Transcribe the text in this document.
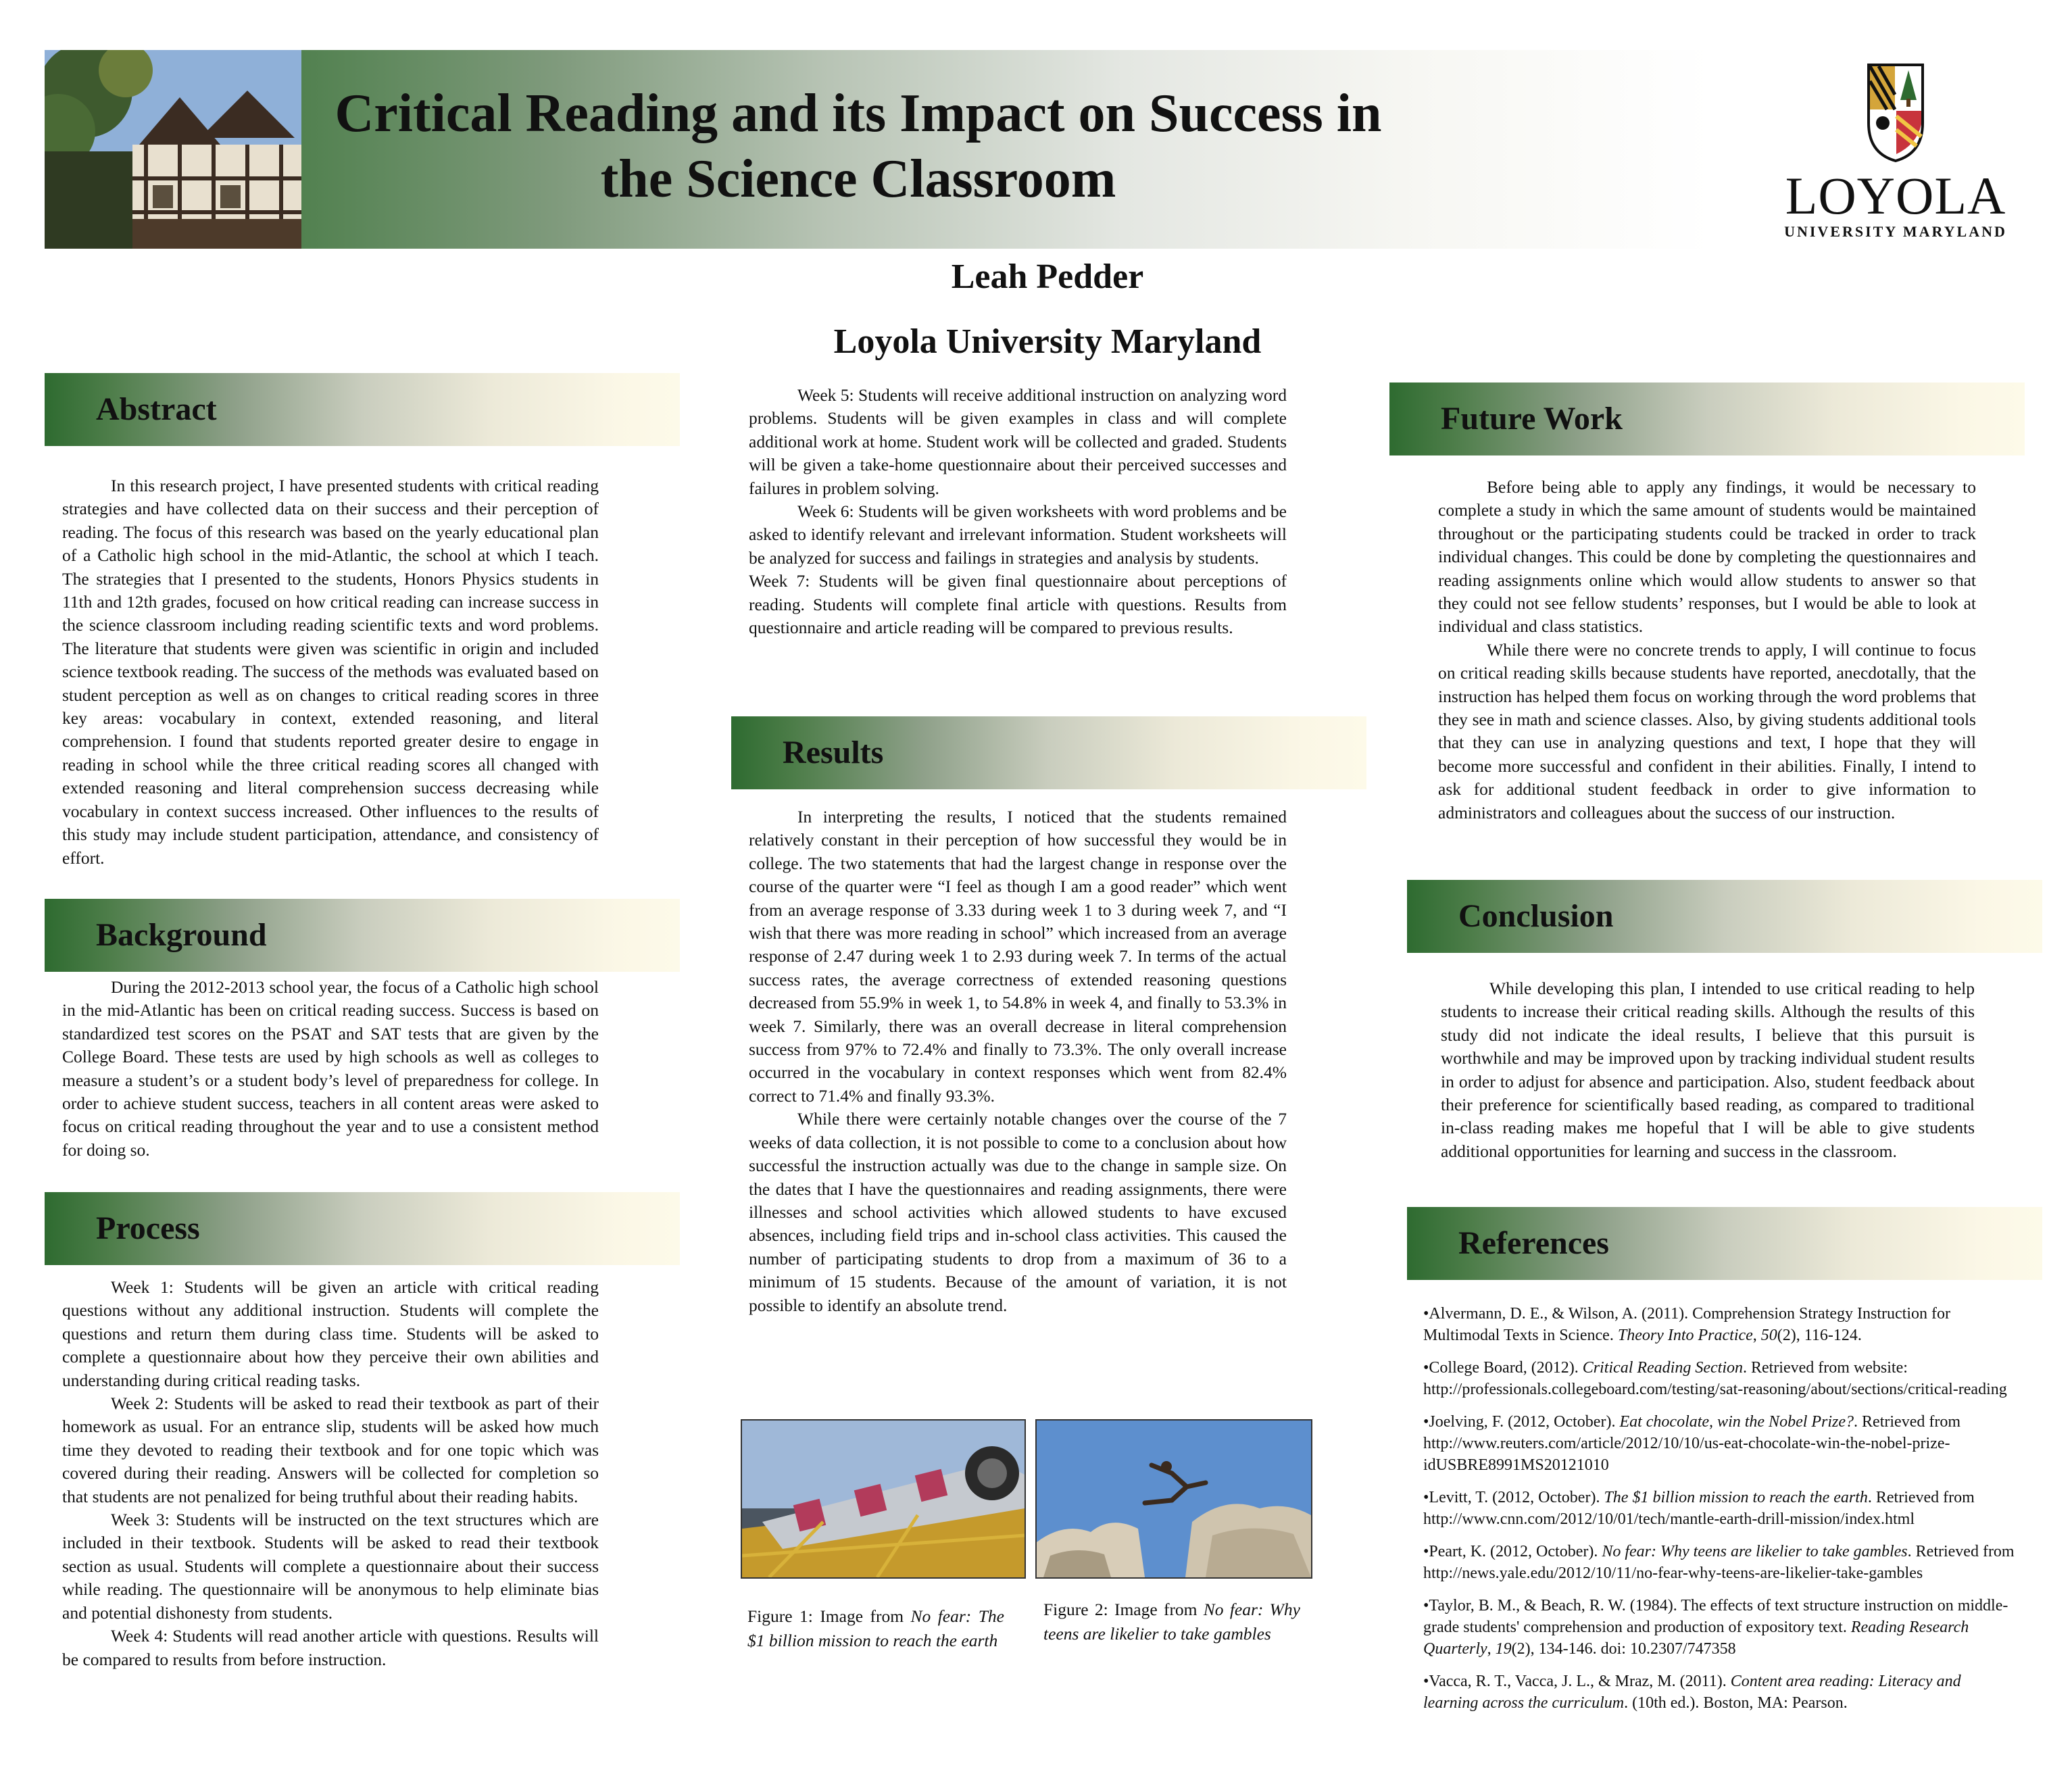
Critical Reading and its Impact on Success in the Science Classroom	LOYOLA
UNIVERSITY MARYLAND
Leah Pedder
Loyola University Maryland
Abstract

In this research project, I have presented students with critical reading strategies and have collected data on their success and their perception of reading. The focus of this research was based on the yearly educational plan of a Catholic high school in the mid-Atlantic, the school at which I teach. The strategies that I presented to the students, Honors Physics students in 11th and 12th grades, focused on how critical reading can increase success in the science classroom including reading scientific texts and word problems. The literature that students were given was scientific in origin and included science textbook reading. The success of the methods was evaluated based on student perception as well as on changes to critical reading scores in three key areas: vocabulary in context, extended reasoning, and literal comprehension. I found that students reported greater desire to engage in reading in school while the three critical reading scores all changed with extended reasoning and literal comprehension success decreasing while vocabulary in context success increased. Other influences to the results of this study may include student participation, attendance, and consistency of effort.

Background

During the 2012-2013 school year, the focus of a Catholic high school in the mid-Atlantic has been on critical reading success. Success is based on standardized test scores on the PSAT and SAT tests that are given by the College Board. These tests are used by high schools as well as colleges to measure a student’s or a student body’s level of preparedness for college. In order to achieve student success, teachers in all content areas were asked to focus on critical reading throughout the year and to use a consistent method for doing so.

Process

Week 1: Students will be given an article with critical reading questions without any additional instruction. Students will complete the questions and return them during class time. Students will be asked to complete a questionnaire about how they perceive their own abilities and understanding during critical reading tasks.

Week 2: Students will be asked to read their textbook as part of their homework as usual. For an entrance slip, students will be asked how much time they devoted to reading their textbook and for one topic which was covered during their reading. Answers will be collected for completion so that students are not penalized for being truthful about their reading habits.

Week 3: Students will be instructed on the text structures which are included in their textbook. Students will be asked to read their textbook section as usual. Students will complete a questionnaire about their success while reading. The questionnaire will be anonymous to help eliminate bias and potential dishonesty from students.

Week 4: Students will read another article with questions. Results will be compared to results from before instruction.

Week 5: Students will receive additional instruction on analyzing word problems. Students will be given examples in class and will complete additional work at home. Student work will be collected and graded. Students will be given a take-home questionnaire about their perceived successes and failures in problem solving.

Week 6: Students will be given worksheets with word problems and be asked to identify relevant and irrelevant information. Student worksheets will be analyzed for success and failings in strategies and analysis by students.

Week 7: Students will be given final questionnaire about perceptions of reading. Students will complete final article with questions. Results from questionnaire and article reading will be compared to previous results.

Results

In interpreting the results, I noticed that the students remained relatively constant in their perception of how successful they would be in college. The two statements that had the largest change in response over the course of the quarter were “I feel as though I am a good reader” which went from an average response of 3.33 during week 1 to 3 during week 7, and “I wish that there was more reading in school” which increased from an average response of 2.47 during week 1 to 2.93 during week 7. In terms of the actual success rates, the average correctness of extended reasoning questions decreased from 55.9% in week 1, to 54.8% in week 4, and finally to 53.3% in week 7. Similarly, there was an overall decrease in literal comprehension success from 97% to 72.4% and finally to 73.3%. The only overall increase occurred in the vocabulary in context responses which went from 82.4% correct to 71.4% and finally 93.3%.

While there were certainly notable changes over the course of the 7 weeks of data collection, it is not possible to come to a conclusion about how successful the instruction actually was due to the change in sample size. On the dates that I have the questionnaires and reading assignments, there were illnesses and school activities which allowed students to have excused absences, including field trips and in-school class activities. This caused the number of participating students to drop from a maximum of 36 to a minimum of 15 students. Because of the amount of variation, it is not possible to identify an absolute trend.

Figure 1: Image from No fear: The $1 billion mission to reach the earth
Figure 2: Image from No fear: Why teens are likelier to take gambles
Future Work

Before being able to apply any findings, it would be necessary to complete a study in which the same amount of students would be maintained throughout or the participating students could be tracked in order to track individual changes. This could be done by completing the questionnaires and reading assignments online which would allow students to answer so that they could not see fellow students’ responses, but I would be able to look at individual and class statistics.

While there were no concrete trends to apply, I will continue to focus on critical reading skills because students have reported, anecdotally, that the instruction has helped them focus on working through the word problems that they see in math and science classes. Also, by giving students additional tools that they can use in analyzing questions and text, I hope that they will become more successful and confident in their abilities. Finally, I intend to ask for additional student feedback in order to give information to administrators and colleagues about the success of our instruction.

Conclusion

While developing this plan, I intended to use critical reading to help students to increase their critical reading skills. Although the results of this study did not indicate the ideal results, I believe that this pursuit is worthwhile and may be improved upon by tracking individual student results in order to adjust for absence and participation. Also, student feedback about their preference for scientifically based reading, as compared to traditional in-class reading makes me hopeful that I will be able to give students additional opportunities for learning and success in the classroom.

References

•Alvermann, D. E., & Wilson, A. (2011). Comprehension Strategy Instruction for Multimodal Texts in Science. Theory Into Practice, 50(2), 116-124.

•College Board, (2012). Critical Reading Section. Retrieved from website: http://professionals.collegeboard.com/testing/sat-reasoning/about/sections/critical-reading

•Joelving, F. (2012, October). Eat chocolate, win the Nobel Prize?. Retrieved from http://www.reuters.com/article/2012/10/10/us-eat-chocolate-win-the-nobel-prize-idUSBRE8991MS20121010

•Levitt, T. (2012, October). The $1 billion mission to reach the earth. Retrieved from http://www.cnn.com/2012/10/01/tech/mantle-earth-drill-mission/index.html

•Peart, K. (2012, October). No fear: Why teens are likelier to take gambles. Retrieved from http://news.yale.edu/2012/10/11/no-fear-why-teens-are-likelier-take-gambles

•Taylor, B. M., & Beach, R. W. (1984). The effects of text structure instruction on middle-grade students' comprehension and production of expository text. Reading Research Quarterly, 19(2), 134-146. doi: 10.2307/747358

•Vacca, R. T., Vacca, J. L., & Mraz, M. (2011). Content area reading: Literacy and learning across the curriculum. (10th ed.). Boston, MA: Pearson.
